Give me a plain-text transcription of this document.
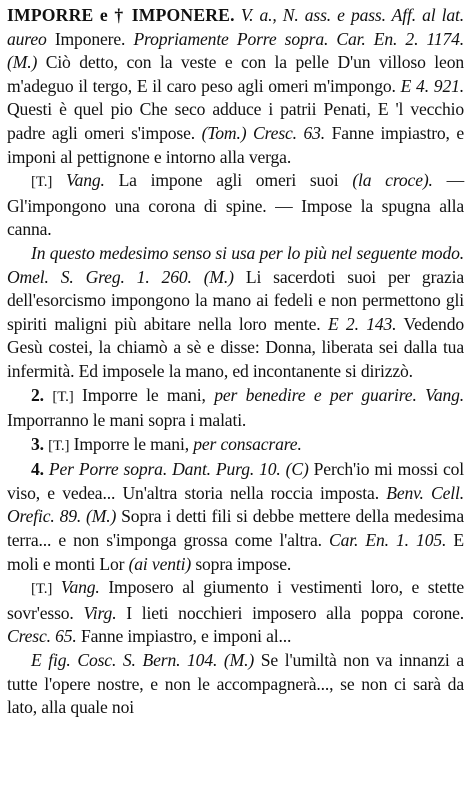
IMPORRE e † IMPONERE. V. a., N. ass. e pass. Aff. al lat. aureo Imponere. Propriamente Porre sopra. Car. En. 2. 1174. (M.) Ciò detto, con la veste e con la pelle D'un villoso leon m'adeguo il tergo, E il caro peso agli omeri m'impongo. E 4. 921. Questi è quel pio Che seco adduce i patrii Penati, E 'l vecchio padre agli omeri s'impose. (Tom.) Cresc. 63. Fanne impiastro, e imponi al pettignone e intorno alla verga.

[T.] Vang. La impone agli omeri suoi (la croce). — Gl'impongono una corona di spine. — Impose la spugna alla canna.

In questo medesimo senso si usa per lo più nel seguente modo. Omel. S. Greg. 1. 260. (M.) Li sacerdoti suoi per grazia dell'esorcismo impongono la mano ai fedeli e non permettono gli spiriti maligni più abitare nella loro mente. E 2. 143. Vedendo Gesù costei, la chiamò a sè e disse: Donna, liberata sei dalla tua infermità. Ed imposele la mano, ed incontanente si dirizzò.

2. [T.] Imporre le mani, per benedire e per guarire. Vang. Imporranno le mani sopra i malati.

3. [T.] Imporre le mani, per consacrare.

4. Per Porre sopra. Dant. Purg. 10. (C) Perch'io mi mossi col viso, e vedea... Un'altra storia nella roccia imposta. Benv. Cell. Orefic. 89. (M.) Sopra i detti fili si debbe mettere della medesima terra... e non s'imponga grossa come l'altra. Car. En. 1. 105. E moli e monti Lor (ai venti) sopra impose.

[T.] Vang. Imposero al giumento i vestimenti loro, e stette sovr'esso. Virg. I lieti nocchieri imposero alla poppa corone. Cresc. 65. Fanne impiastro, e imponi al...

E fig. Cosc. S. Bern. 104. (M.) Se l'umiltà non va innanzi a tutte l'opere nostre, e non le accompagnerà..., se non ci sarà da lato, alla quale noi
